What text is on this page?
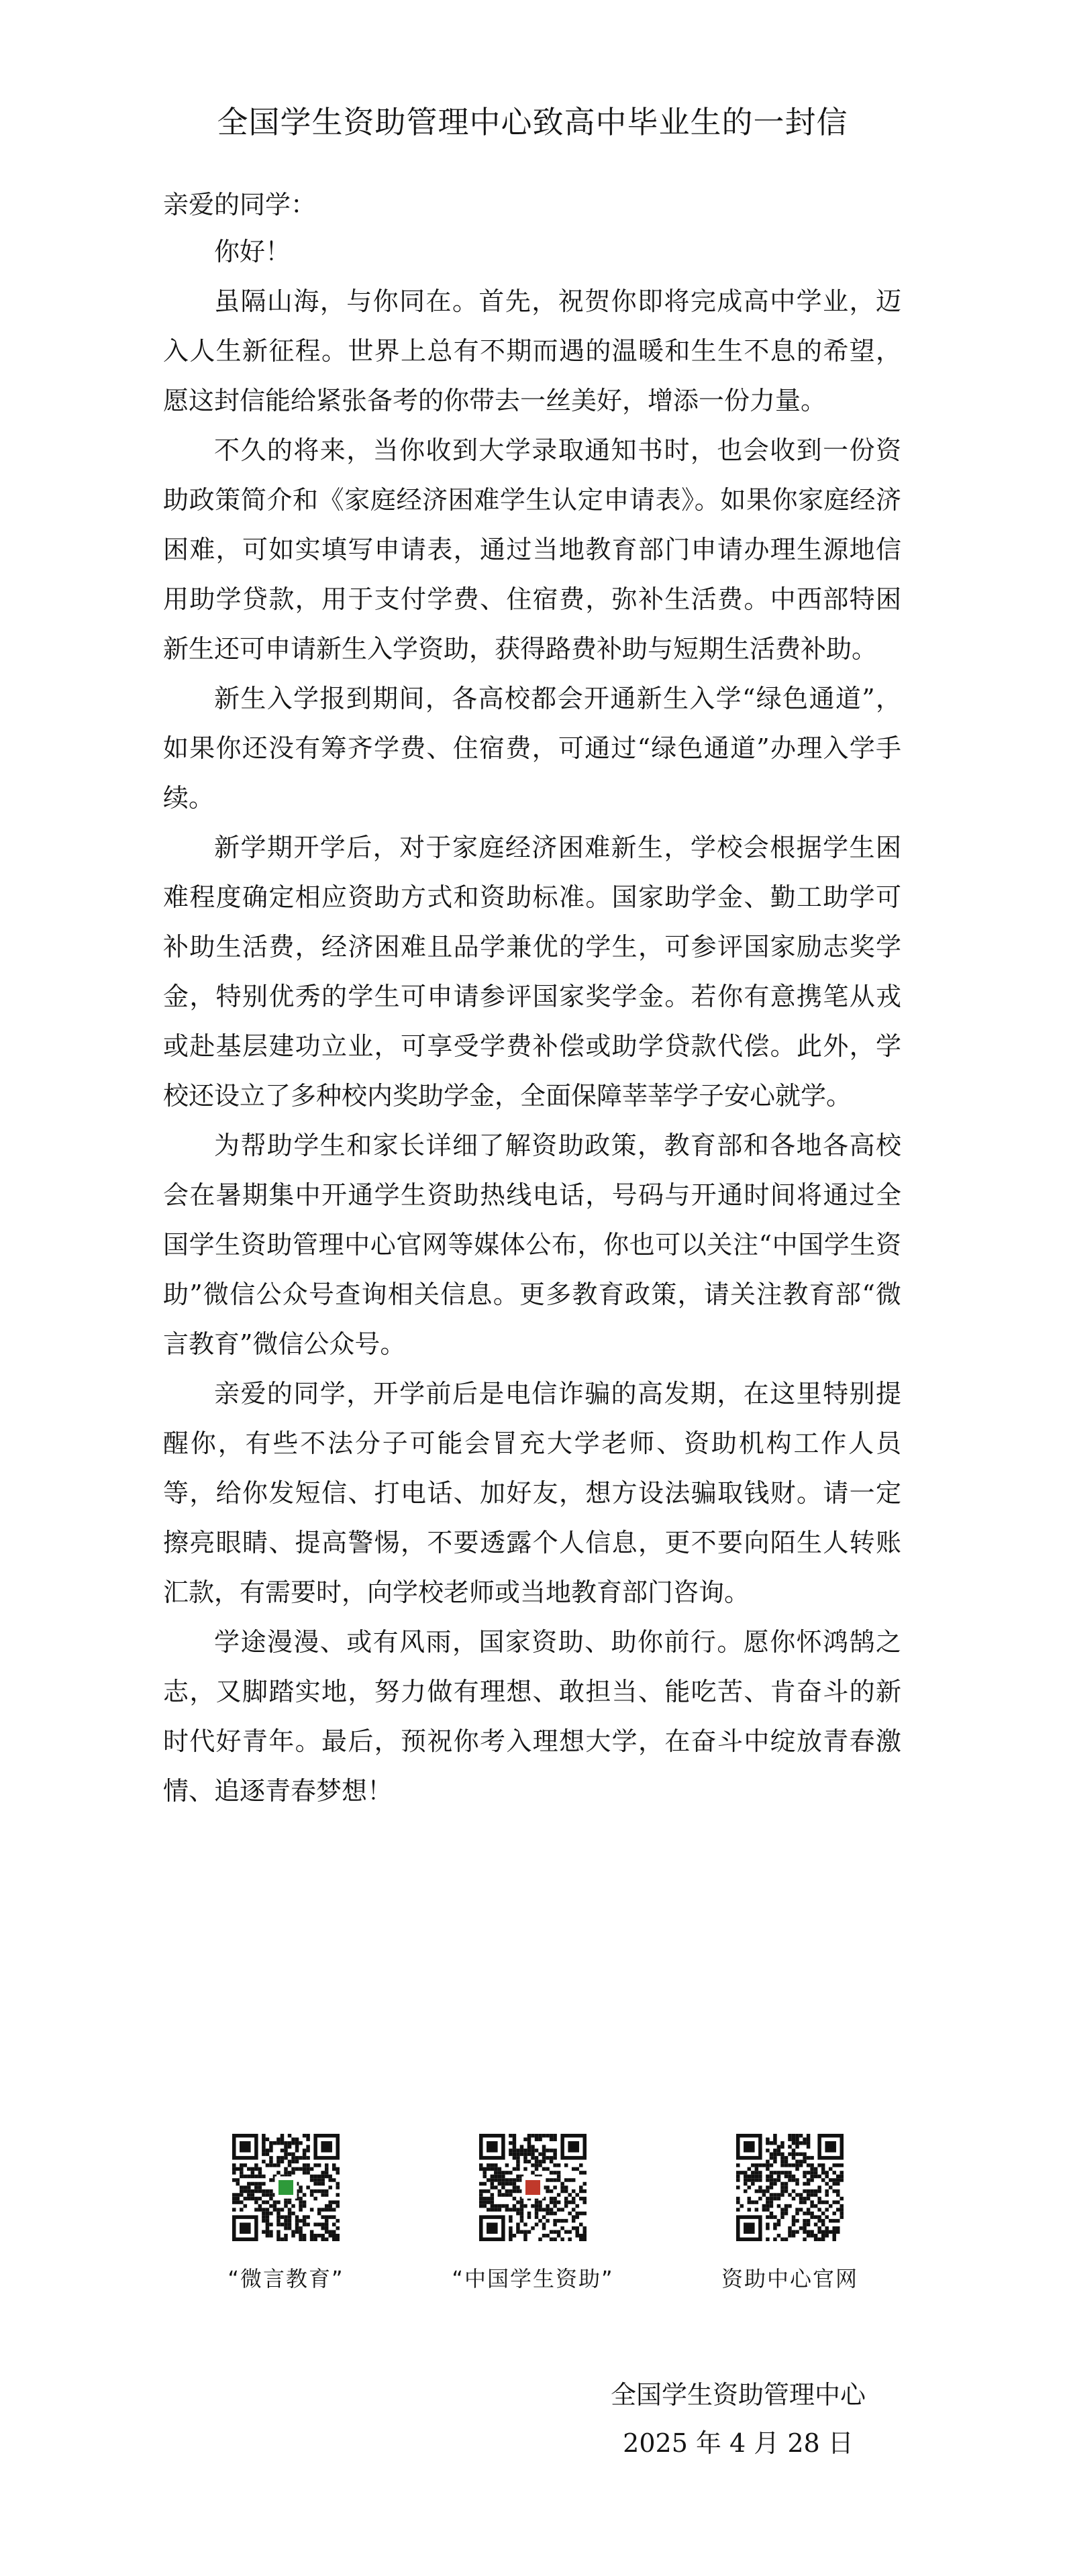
全国学生资助管理中心致高中毕业生的一封信
亲爱的同学：

你好！

虽隔山海，与你同在。首先，祝贺你即将完成高中学业，迈入人生新征程。世界上总有不期而遇的温暖和生生不息的希望，愿这封信能给紧张备考的你带去一丝美好，增添一份力量。

不久的将来，当你收到大学录取通知书时，也会收到一份资助政策简介和《家庭经济困难学生认定申请表》。如果你家庭经济困难，可如实填写申请表，通过当地教育部门申请办理生源地信用助学贷款，用于支付学费、住宿费，弥补生活费。中西部特困新生还可申请新生入学资助，获得路费补助与短期生活费补助。

新生入学报到期间，各高校都会开通新生入学“绿色通道”，如果你还没有筹齐学费、住宿费，可通过“绿色通道”办理入学手续。

新学期开学后，对于家庭经济困难新生，学校会根据学生困难程度确定相应资助方式和资助标准。国家助学金、勤工助学可补助生活费，经济困难且品学兼优的学生，可参评国家励志奖学金，特别优秀的学生可申请参评国家奖学金。若你有意携笔从戎或赴基层建功立业，可享受学费补偿或助学贷款代偿。此外，学校还设立了多种校内奖助学金，全面保障莘莘学子安心就学。

为帮助学生和家长详细了解资助政策，教育部和各地各高校会在暑期集中开通学生资助热线电话，号码与开通时间将通过全国学生资助管理中心官网等媒体公布，你也可以关注“中国学生资助”微信公众号查询相关信息。更多教育政策，请关注教育部“微言教育”微信公众号。

亲爱的同学，开学前后是电信诈骗的高发期，在这里特别提醒你，有些不法分子可能会冒充大学老师、资助机构工作人员等，给你发短信、打电话、加好友，想方设法骗取钱财。请一定擦亮眼睛、提高警惕，不要透露个人信息，更不要向陌生人转账汇款，有需要时，向学校老师或当地教育部门咨询。

学途漫漫、或有风雨，国家资助、助你前行。愿你怀鸿鹄之志，又脚踏实地，努力做有理想、敢担当、能吃苦、肯奋斗的新时代好青年。最后，预祝你考入理想大学，在奋斗中绽放青春激情、追逐青春梦想！

“微言教育”	“中国学生资助”	资助中心官网
全国学生资助管理中心
2025 年 4 月 28 日
